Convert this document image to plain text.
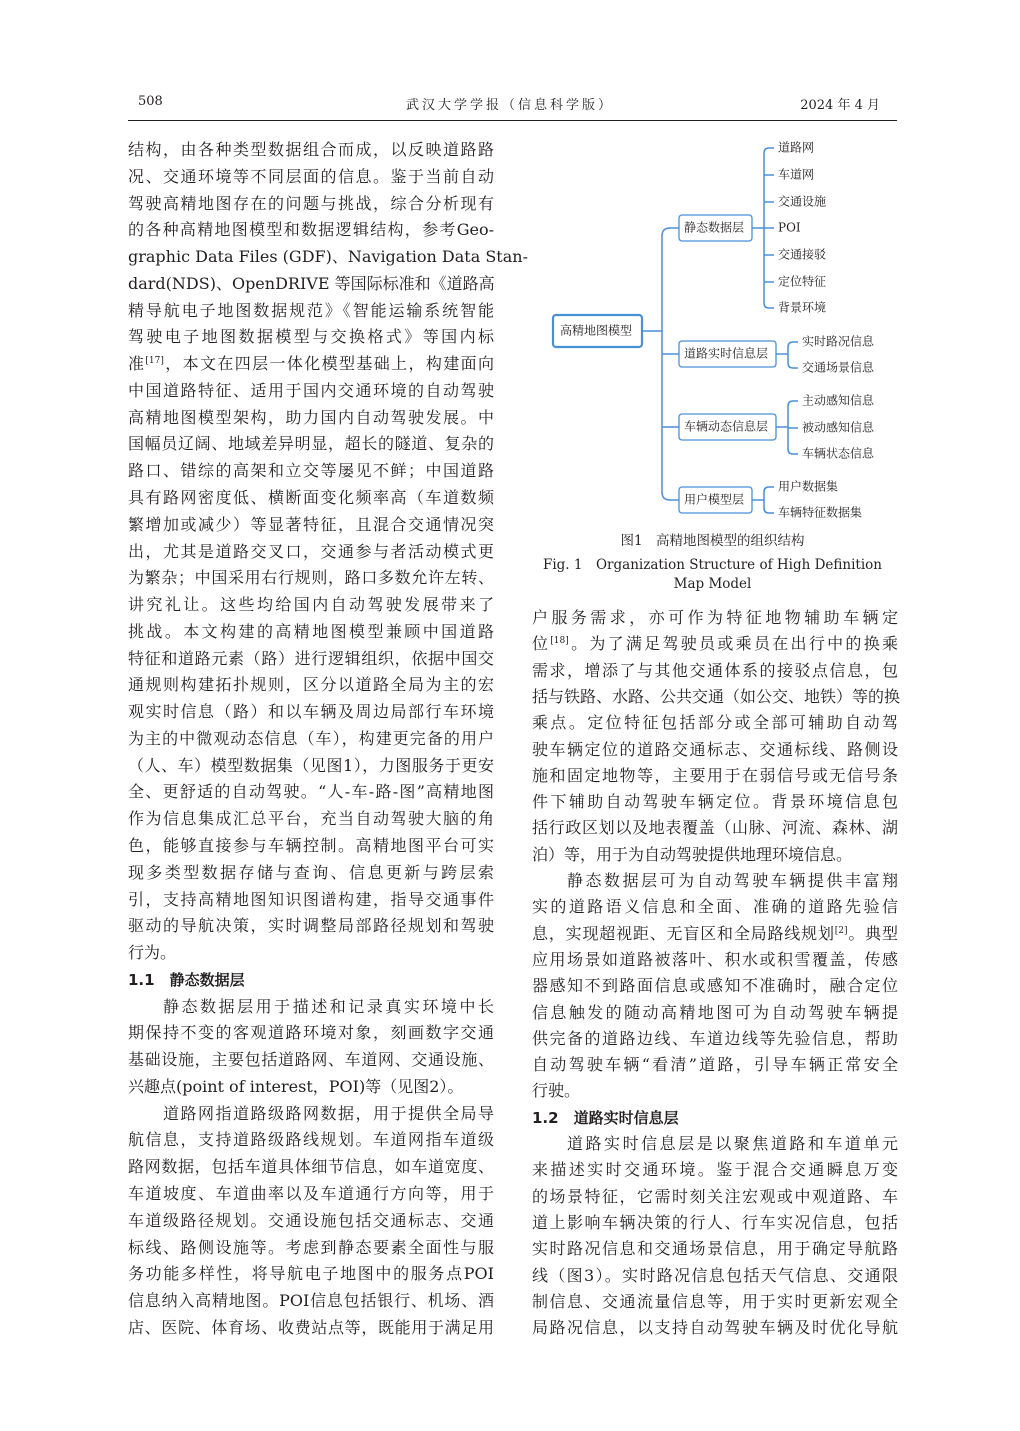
508	武汉大学学报（信息科学版）	2024 年 4 月
结构，由各种类型数据组合而成，以反映道路路
况、交通环境等不同层面的信息。鉴于当前自动
驾驶高精地图存在的问题与挑战，综合分析现有
的各种高精地图模型和数据逻辑结构，参考Geo-
graphic Data Files (GDF)、Navigation Data Stan-
dard(NDS)、OpenDRIVE 等国际标准和《道路高
精导航电子地图数据规范》《智能运输系统智能
驾驶电子地图数据模型与交换格式》等国内标
准[17]，本文在四层一体化模型基础上，构建面向
中国道路特征、适用于国内交通环境的自动驾驶
高精地图模型架构，助力国内自动驾驶发展。中
国幅员辽阔、地域差异明显，超长的隧道、复杂的
路口、错综的高架和立交等屡见不鲜；中国道路
具有路网密度低、横断面变化频率高（车道数频
繁增加或减少）等显著特征，且混合交通情况突
出，尤其是道路交叉口，交通参与者活动模式更
为繁杂；中国采用右行规则，路口多数允许左转、
讲究礼让。这些均给国内自动驾驶发展带来了
挑战。本文构建的高精地图模型兼顾中国道路
特征和道路元素（路）进行逻辑组织，依据中国交
通规则构建拓扑规则，区分以道路全局为主的宏
观实时信息（路）和以车辆及周边局部行车环境
为主的中微观动态信息（车），构建更完备的用户
（人、车）模型数据集（见图1），力图服务于更安
全、更舒适的自动驾驶。“人-车-路-图”高精地图
作为信息集成汇总平台，充当自动驾驶大脑的角
色，能够直接参与车辆控制。高精地图平台可实
现多类型数据存储与查询、信息更新与跨层索
引，支持高精地图知识图谱构建，指导交通事件
驱动的导航决策，实时调整局部路径规划和驾驶
行为。
1.1　静态数据层
静态数据层用于描述和记录真实环境中长
期保持不变的客观道路环境对象，刻画数字交通
基础设施，主要包括道路网、车道网、交通设施、
兴趣点(point of interest，POI)等（见图2）。
道路网指道路级路网数据，用于提供全局导
航信息，支持道路级路线规划。车道网指车道级
路网数据，包括车道具体细节信息，如车道宽度、
车道坡度、车道曲率以及车道通行方向等，用于
车道级路径规划。交通设施包括交通标志、交通
标线、路侧设施等。考虑到静态要素全面性与服
务功能多样性，将导航电子地图中的服务点POI
信息纳入高精地图。POI信息包括银行、机场、酒
店、医院、体育场、收费站点等，既能用于满足用
户服务需求，亦可作为特征地物辅助车辆定
位[18]。为了满足驾驶员或乘员在出行中的换乘
需求，增添了与其他交通体系的接驳点信息，包
括与铁路、水路、公共交通（如公交、地铁）等的换
乘点。定位特征包括部分或全部可辅助自动驾
驶车辆定位的道路交通标志、交通标线、路侧设
施和固定地物等，主要用于在弱信号或无信号条
件下辅助自动驾驶车辆定位。背景环境信息包
括行政区划以及地表覆盖（山脉、河流、森林、湖
泊）等，用于为自动驾驶提供地理环境信息。
静态数据层可为自动驾驶车辆提供丰富翔
实的道路语义信息和全面、准确的道路先验信
息，实现超视距、无盲区和全局路线规划[2]。典型
应用场景如道路被落叶、积水或积雪覆盖，传感
器感知不到路面信息或感知不准确时，融合定位
信息触发的随动高精地图可为自动驾驶车辆提
供完备的道路边线、车道边线等先验信息，帮助
自动驾驶车辆“看清”道路，引导车辆正常安全
行驶。
1.2　道路实时信息层
道路实时信息层是以聚焦道路和车道单元
来描述实时交通环境。鉴于混合交通瞬息万变
的场景特征，它需时刻关注宏观或中观道路、车
道上影响车辆决策的行人、行车实况信息，包括
实时路况信息和交通场景信息，用于确定导航路
线（图3）。实时路况信息包括天气信息、交通限
制信息、交通流量信息等，用于实时更新宏观全
局路况信息，以支持自动驾驶车辆及时优化导航
高精地图模型
静态数据层
道路网
车道网
交通设施
POI
交通接驳
定位特征
背景环境
道路实时信息层
实时路况信息
交通场景信息
车辆动态信息层
主动感知信息
被动感知信息
车辆状态信息
用户模型层
用户数据集
车辆特征数据集
图1　高精地图模型的组织结构
Fig. 1　Organization Structure of High Definition
Map Model
